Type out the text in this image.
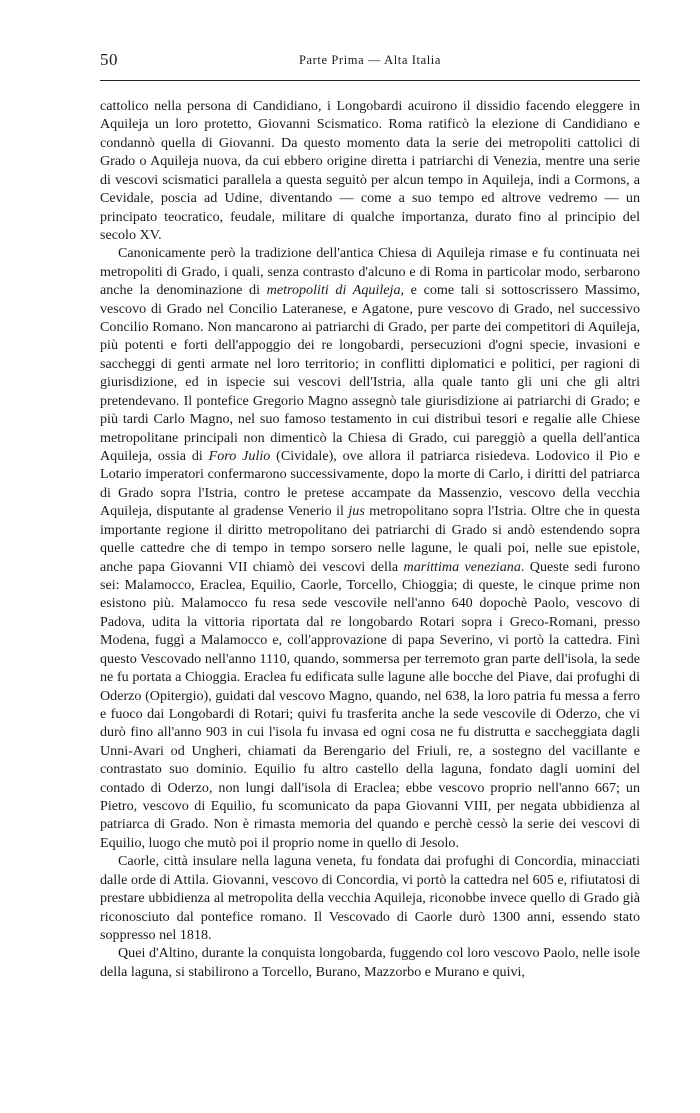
50	Parte Prima — Alta Italia

cattolico nella persona di Candidiano, i Longobardi acuirono il dissidio facendo eleggere in Aquileja un loro protetto, Giovanni Scismatico. Roma ratificò la elezione di Candidiano e condannò quella di Giovanni. Da questo momento data la serie dei metropoliti cattolici di Grado o Aquileja nuova, da cui ebbero origine diretta i patriarchi di Venezia, mentre una serie di vescovi scismatici parallela a questa seguitò per alcun tempo in Aquileja, indi a Cormons, a Cevidale, poscia ad Udine, diventando — come a suo tempo ed altrove vedremo — un principato teocratico, feudale, militare di qualche importanza, durato fino al principio del secolo XV.

Canonicamente però la tradizione dell'antica Chiesa di Aquileja rimase e fu continuata nei metropoliti di Grado, i quali, senza contrasto d'alcuno e di Roma in particolar modo, serbarono anche la denominazione di metropoliti di Aquileja, e come tali si sottoscrissero Massimo, vescovo di Grado nel Concilio Lateranese, e Agatone, pure vescovo di Grado, nel successivo Concilio Romano. Non mancarono ai patriarchi di Grado, per parte dei competitori di Aquileja, più potenti e forti dell'appoggio dei re longobardi, persecuzioni d'ogni specie, invasioni e saccheggi di genti armate nel loro territorio; in conflitti diplomatici e politici, per ragioni di giurisdizione, ed in ispecie sui vescovi dell'Istria, alla quale tanto gli uni che gli altri pretendevano. Il pontefice Gregorio Magno assegnò tale giurisdizione ai patriarchi di Grado; e più tardi Carlo Magno, nel suo famoso testamento in cui distribuì tesori e regalie alle Chiese metropolitane principali non dimenticò la Chiesa di Grado, cui pareggiò a quella dell'antica Aquileja, ossia di Foro Julio (Cividale), ove allora il patriarca risiedeva. Lodovico il Pio e Lotario imperatori confermarono successivamente, dopo la morte di Carlo, i diritti del patriarca di Grado sopra l'Istria, contro le pretese accampate da Massenzio, vescovo della vecchia Aquileja, disputante al gradense Venerio il jus metropolitano sopra l'Istria. Oltre che in questa importante regione il diritto metropolitano dei patriarchi di Grado si andò estendendo sopra quelle cattedre che di tempo in tempo sorsero nelle lagune, le quali poi, nelle sue epistole, anche papa Giovanni VII chiamò dei vescovi della marittima veneziana. Queste sedi furono sei: Malamocco, Eraclea, Equilio, Caorle, Torcello, Chioggia; di queste, le cinque prime non esistono più. Malamocco fu resa sede vescovile nell'anno 640 dopochè Paolo, vescovo di Padova, udita la vittoria riportata dal re longobardo Rotari sopra i Greco-Romani, presso Modena, fuggì a Malamocco e, coll'approvazione di papa Severino, vi portò la cattedra. Finì questo Vescovado nell'anno 1110, quando, sommersa per terremoto gran parte dell'isola, la sede ne fu portata a Chioggia. Eraclea fu edificata sulle lagune alle bocche del Piave, dai profughi di Oderzo (Opitergio), guidati dal vescovo Magno, quando, nel 638, la loro patria fu messa a ferro e fuoco dai Longobardi di Rotari; quivi fu trasferita anche la sede vescovile di Oderzo, che vi durò fino all'anno 903 in cui l'isola fu invasa ed ogni cosa ne fu distrutta e saccheggiata dagli Unni-Avari od Ungheri, chiamati da Berengario del Friuli, re, a sostegno del vacillante e contrastato suo dominio. Equilio fu altro castello della laguna, fondato dagli uomini del contado di Oderzo, non lungi dall'isola di Eraclea; ebbe vescovo proprio nell'anno 667; un Pietro, vescovo di Equilio, fu scomunicato da papa Giovanni VIII, per negata ubbidienza al patriarca di Grado. Non è rimasta memoria del quando e perchè cessò la serie dei vescovi di Equilio, luogo che mutò poi il proprio nome in quello di Jesolo.

Caorle, città insulare nella laguna veneta, fu fondata dai profughi di Concordia, minacciati dalle orde di Attila. Giovanni, vescovo di Concordia, vi portò la cattedra nel 605 e, rifiutatosi di prestare ubbidienza al metropolita della vecchia Aquileja, riconobbe invece quello di Grado già riconosciuto dal pontefice romano. Il Vescovado di Caorle durò 1300 anni, essendo stato soppresso nel 1818.

Quei d'Altino, durante la conquista longobarda, fuggendo col loro vescovo Paolo, nelle isole della laguna, si stabilirono a Torcello, Burano, Mazzorbo e Murano e quivi,
